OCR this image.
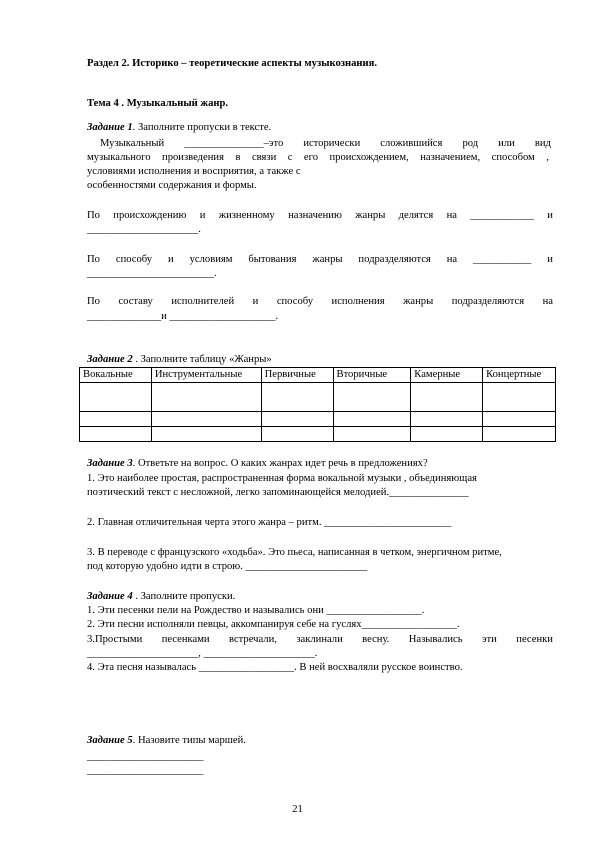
Раздел 2. Историко – теоретические аспекты музыкознания.

Тема 4 . Музыкальный жанр.

Задание 1. Заполните пропуски в тексте.

Музыкальный _______________–это исторически сложившийся род или вид

музыкального произведения в связи с его происхождением, назначением, способом ,

условиями исполнения и восприятия, а также с

особенностями содержания и формы.

По происхождению и жизненному назначению жанры делятся на ____________ и

_____________________.

По способу и условиям бытования жанры подразделяются на ___________ и

________________________.

По составу исполнителей и способу исполнения жанры подразделяются на

______________и ____________________.

Задание 2 . Заполните таблицу «Жанры»

Вокальные	Инструментальные	Первичные	Вторичные	Камерные	Концертные

Задание 3. Ответьте на вопрос. О каких жанрах идет речь в предложениях?

1. Это наиболее простая, распространенная форма вокальной музыки , объединяющая

поэтический текст с несложной, легко запоминающейся мелодией._______________

2. Главная отличительная черта этого жанра – ритм. ________________________

3. В переводе с французского «ходьба». Это пьеса, написанная в четком, энергичном ритме,

под которую удобно идти в строю. _______________________

Задание 4 . Заполните пропуски.

1. Эти песенки пели на Рождество и назывались они __________________.

2. Эти песни исполняли певцы, аккомпанируя себе на гуслях__________________.

3.Простыми песенками встречали, заклинали весну. Назывались эти песенки

_____________________, _____________________.

4. Эта песня называлась __________________. В ней восхваляли русское воинство.

Задание 5. Назовите типы маршей.

______________________

______________________

21
